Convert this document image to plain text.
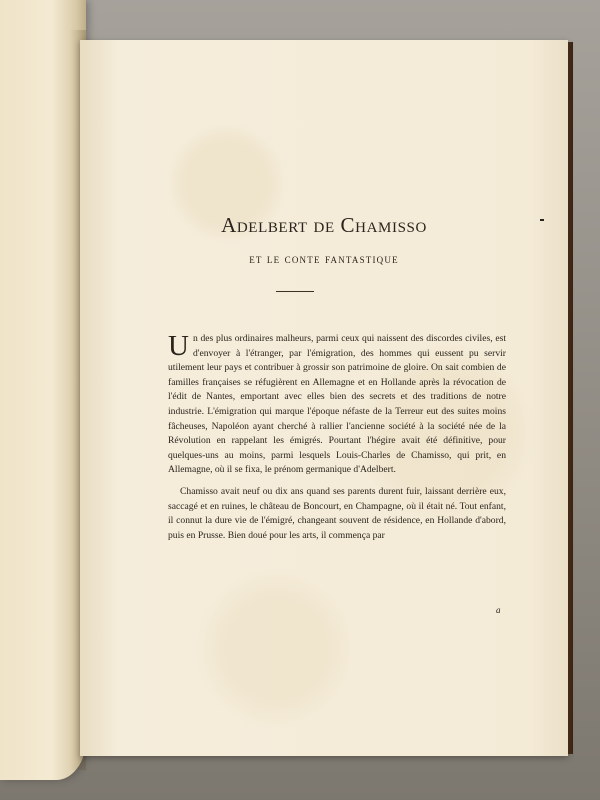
Adelbert de Chamisso
et le conte fantastique

Un des plus ordinaires malheurs, parmi ceux qui naissent des discordes civiles, est d'envoyer à l'étranger, par l'émigration, des hommes qui eussent pu servir utilement leur pays et contribuer à grossir son patrimoine de gloire. On sait combien de familles françaises se réfugièrent en Allemagne et en Hollande après la révocation de l'édit de Nantes, emportant avec elles bien des secrets et des traditions de notre industrie. L'émigration qui marque l'époque néfaste de la Terreur eut des suites moins fâcheuses, Napoléon ayant cherché à rallier l'ancienne société à la société née de la Révolution en rappelant les émigrés. Pourtant l'hégire avait été définitive, pour quelques-uns au moins, parmi lesquels Louis-Charles de Chamisso, qui prit, en Allemagne, où il se fixa, le prénom germanique d'Adelbert.

Chamisso avait neuf ou dix ans quand ses parents durent fuir, laissant derrière eux, saccagé et en ruines, le château de Boncourt, en Champagne, où il était né. Tout enfant, il connut la dure vie de l'émigré, changeant souvent de résidence, en Hollande d'abord, puis en Prusse. Bien doué pour les arts, il commença par

a
